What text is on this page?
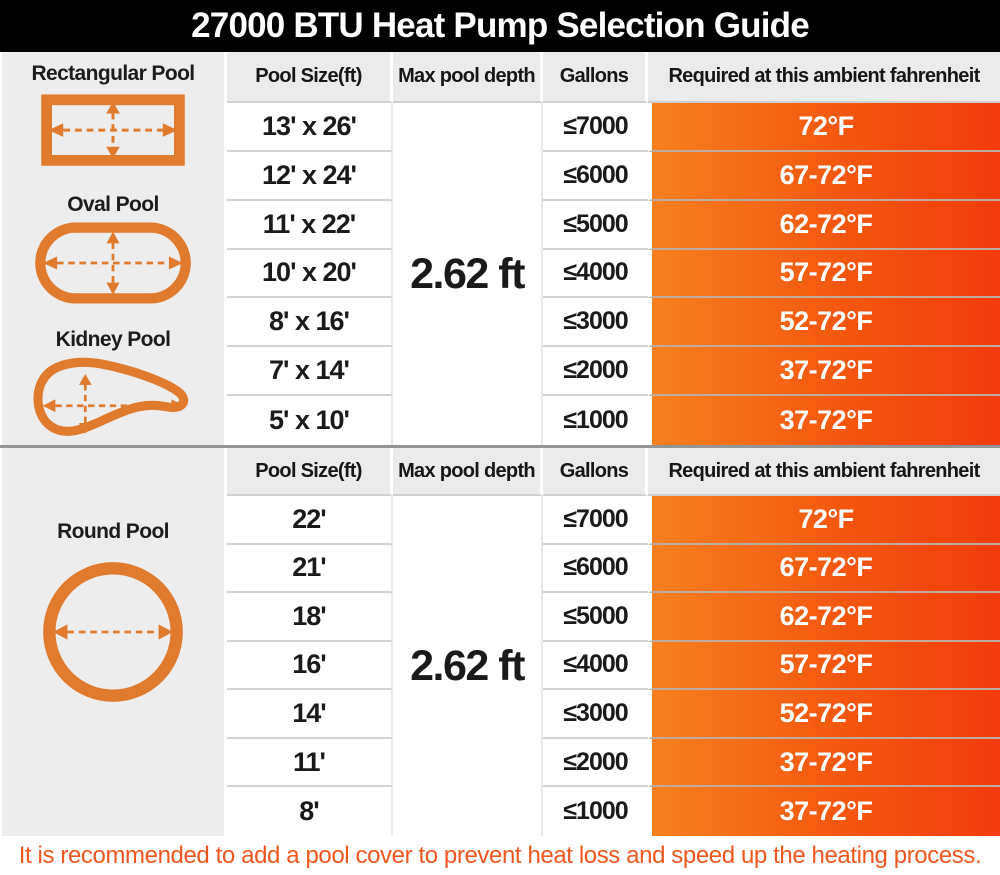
27000 BTU Heat Pump Selection Guide
Rectangular Pool
Oval Pool
Kidney Pool
Pool Size(ft)	Max pool depth	Gallons	Required at this ambient fahrenheit
2.62 ft
13' x 26'	≤7000	72°F
12' x 24'	≤6000	67-72°F
11' x 22'	≤5000	62-72°F
10' x 20'	≤4000	57-72°F
8' x 16'	≤3000	52-72°F
7' x 14'	≤2000	37-72°F
5' x 10'	≤1000	37-72°F
Round Pool
Pool Size(ft)	Max pool depth	Gallons	Required at this ambient fahrenheit
2.62 ft
22'	≤7000	72°F
21'	≤6000	67-72°F
18'	≤5000	62-72°F
16'	≤4000	57-72°F
14'	≤3000	52-72°F
11'	≤2000	37-72°F
8'	≤1000	37-72°F
It is recommended to add a pool cover to prevent heat loss and speed up the heating process.
